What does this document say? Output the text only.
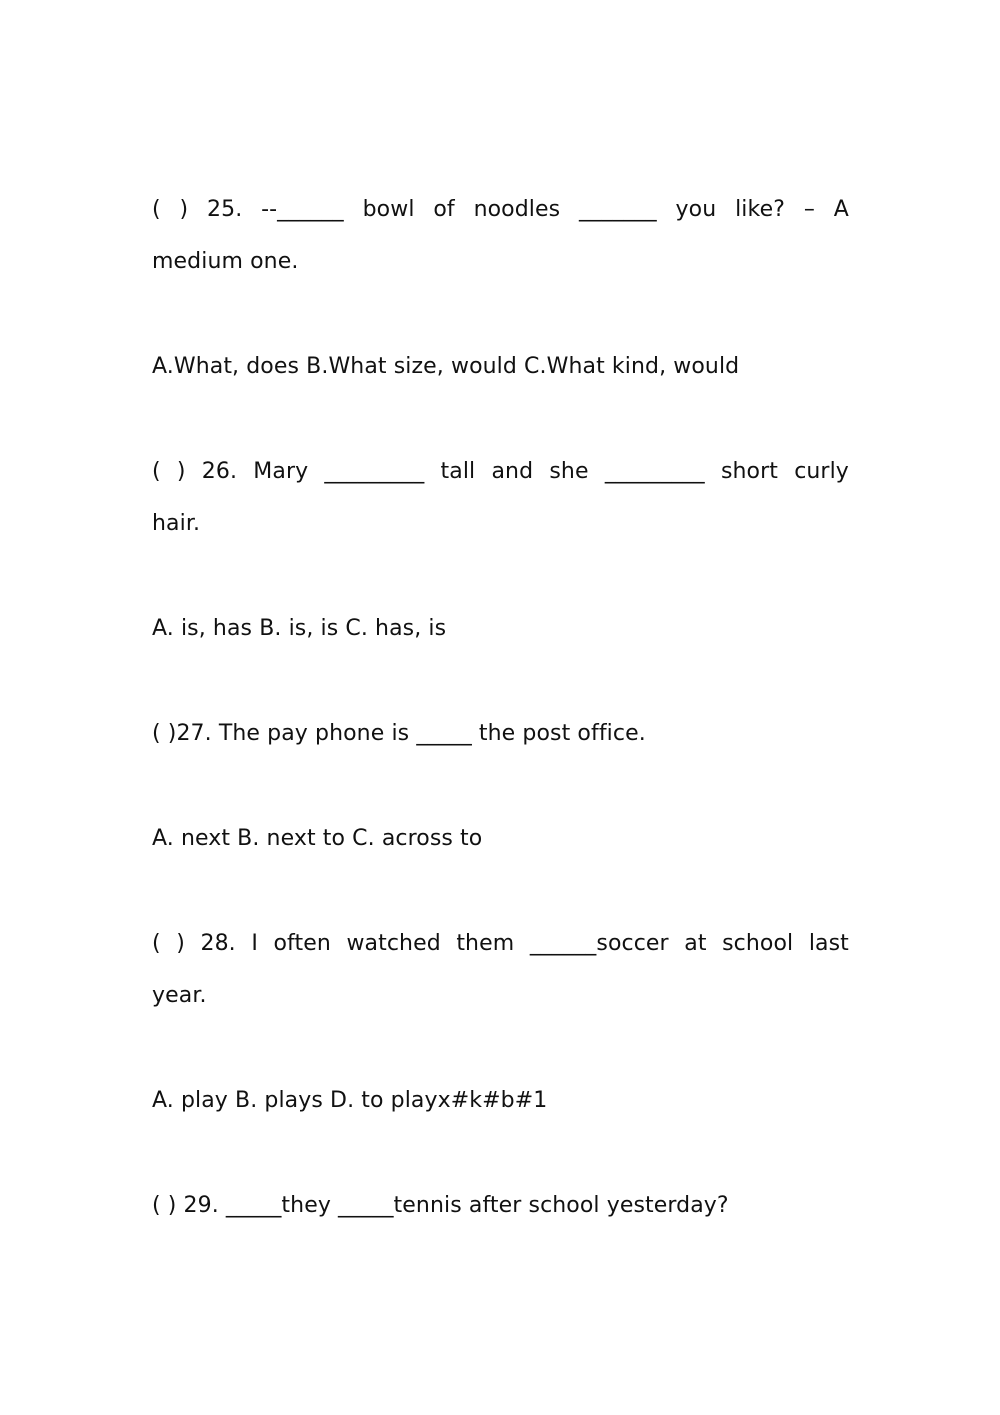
( ) 25. --______ bowl of noodles _______ you like? – A
medium one.
A.What, does B.What size, would C.What kind, would
( ) 26. Mary _________ tall and she _________ short curly
hair.
A. is, has B. is, is C. has, is
( )27. The pay phone is _____ the post office.
A. next B. next to C. across to
( ) 28. I often watched them ______soccer at school last
year.
A. play B. plays D. to playx#k#b#1
( ) 29. _____they _____tennis after school yesterday?
